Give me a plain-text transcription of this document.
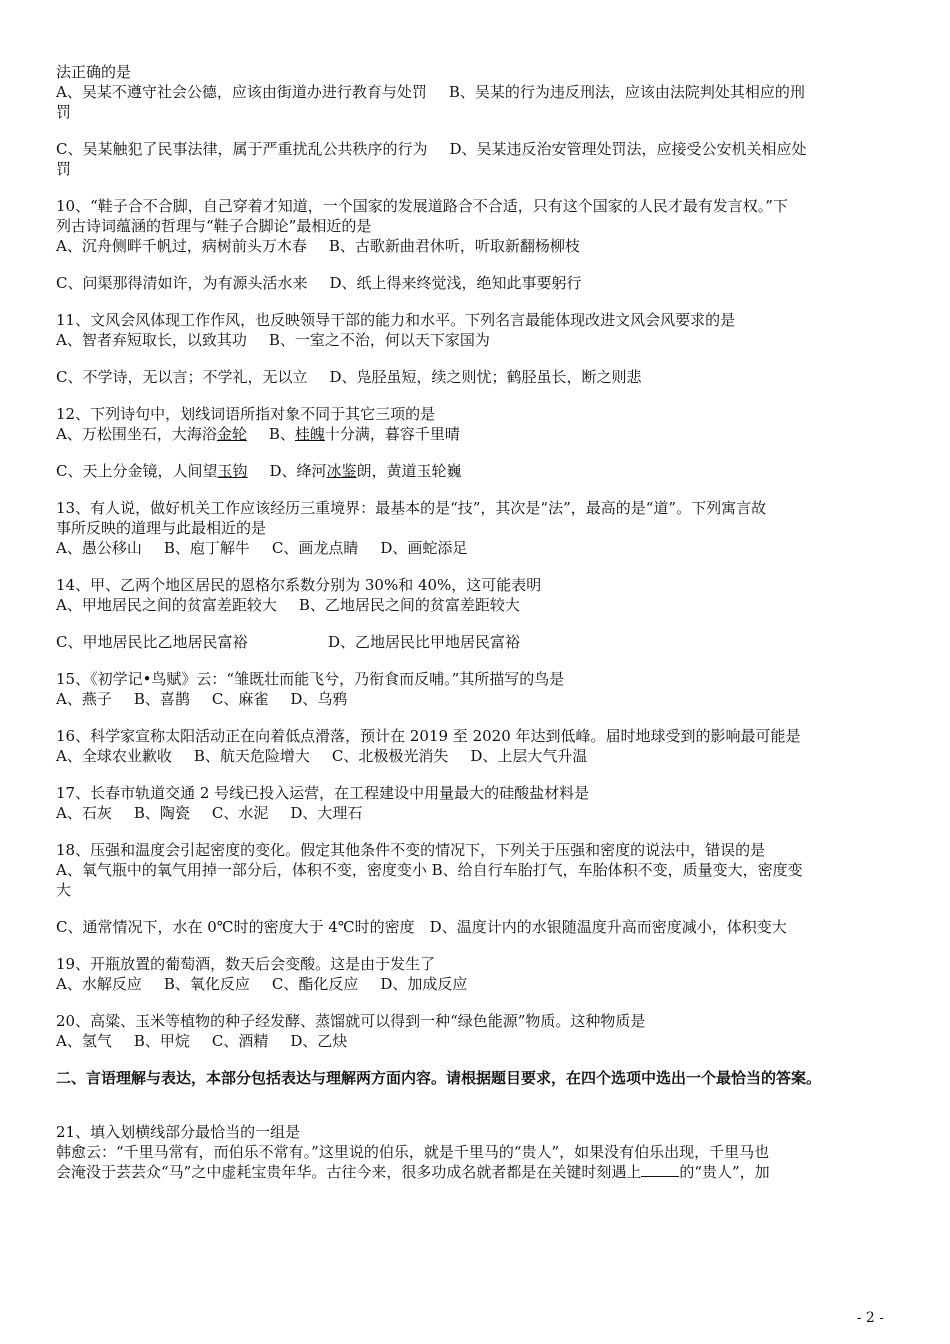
法正确的是
A、吴某不遵守社会公德，应该由街道办进行教育与处罚 B、吴某的行为违反刑法，应该由法院判处其相应的刑
罚
C、吴某触犯了民事法律，属于严重扰乱公共秩序的行为 D、吴某违反治安管理处罚法，应接受公安机关相应处
罚
10、“鞋子合不合脚，自己穿着才知道，一个国家的发展道路合不合适，只有这个国家的人民才最有发言权。”下
列古诗词蕴涵的哲理与“鞋子合脚论”最相近的是
A、沉舟侧畔千帆过，病树前头万木春 B、古歌新曲君休听，听取新翻杨柳枝
C、问渠那得清如许，为有源头活水来 D、纸上得来终觉浅，绝知此事要躬行
11、文风会风体现工作作风，也反映领导干部的能力和水平。下列名言最能体现改进文风会风要求的是
A、智者弃短取长，以致其功 B、一室之不治，何以天下家国为
C、不学诗，无以言；不学礼，无以立 D、凫胫虽短，续之则忧；鹤胫虽长，断之则悲
12、下列诗句中，划线词语所指对象不同于其它三项的是
A、万松围坐石，大海浴金轮 B、桂魄十分满，暮容千里晴
C、天上分金镜，人间望玉钩 D、绛河冰鉴朗，黄道玉轮巍
13、有人说，做好机关工作应该经历三重境界：最基本的是“技”，其次是“法”，最高的是“道”。下列寓言故
事所反映的道理与此最相近的是
A、愚公移山 B、庖丁解牛 C、画龙点睛 D、画蛇添足
14、甲、乙两个地区居民的恩格尔系数分别为 30%和 40%，这可能表明
A、甲地居民之间的贫富差距较大 B、乙地居民之间的贫富差距较大
C、甲地居民比乙地居民富裕	D、乙地居民比甲地居民富裕
15、《初学记•鸟赋》云：“雏既壮而能飞兮，乃衔食而反哺。”其所描写的鸟是
A、燕子 B、喜鹊 C、麻雀 D、乌鸦
16、科学家宣称太阳活动正在向着低点滑落，预计在 2019 至 2020 年达到低峰。届时地球受到的影响最可能是
A、全球农业歉收 B、航天危险增大 C、北极极光消失 D、上层大气升温
17、长春市轨道交通 2 号线已投入运营，在工程建设中用量最大的硅酸盐材料是
A、石灰 B、陶瓷 C、水泥 D、大理石
18、压强和温度会引起密度的变化。假定其他条件不变的情况下，下列关于压强和密度的说法中，错误的是
A、氧气瓶中的氧气用掉一部分后，体积不变，密度变小 B、给自行车胎打气，车胎体积不变，质量变大，密度变
大
C、通常情况下，水在 0℃时的密度大于 4℃时的密度　D、温度计内的水银随温度升高而密度减小，体积变大
19、开瓶放置的葡萄酒，数天后会变酸。这是由于发生了
A、水解反应 B、氧化反应 C、酯化反应 D、加成反应
20、高粱、玉米等植物的种子经发酵、蒸馏就可以得到一种“绿色能源”物质。这种物质是
A、氢气 B、甲烷 C、酒精 D、乙炔
二、言语理解与表达，本部分包括表达与理解两方面内容。请根据题目要求，在四个选项中选出一个最恰当的答案。
21、填入划横线部分最恰当的一组是
韩愈云：“千里马常有，而伯乐不常有。”这里说的伯乐，就是千里马的“贵人”，如果没有伯乐出现，千里马也
会淹没于芸芸众“马”之中虚耗宝贵年华。古往今来，很多功成名就者都是在关键时刻遇上	的“贵人”，加
- 2 -
